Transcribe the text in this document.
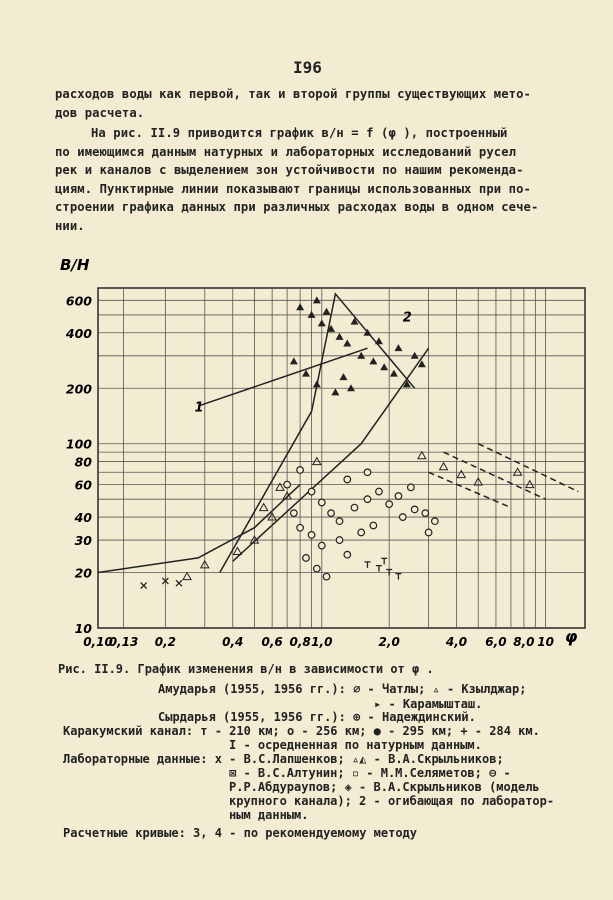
I96
расходов воды как первой, так и второй группы существующих мето-
дов расчета.
На рис. II.9 приводится график в/н = f (φ ), построенный
по имеющимся данным натурных и лабораторных исследований русел
рек и каналов с выделением зон устойчивости по нашим рекоменда-
циям. Пунктирные линии показывают границы использованных при по-
строении графика данных при различных расходах воды в одном сече-
нии.
В/Н
600
400
200
100
80
60
40
30
20
10
0,10
0,13 0,2	0,4 0,6 0,8 1,0	2,0	4,0 6,0 8,0 10 φ
1
2
Рис. II.9. График изменения в/н в зависимости от φ .
Амударья (1955, 1956 гг.): ⌀ - Чатлы; ▵ - Кзылджар;
▸ - Карамышташ.
Сырдарья (1955, 1956 гг.): ⊕ - Надеждинский.
Каракумский канал: т - 210 км; о - 256 км; ● - 295 км; + - 284 км.
I - осредненная по натурным данным.
Лабораторные данные: x - В.С.Лапшенков; ▵◭ - В.А.Скрыльников;
⊠ - В.С.Алтунин; ▫ - М.М.Селяметов; ⊖ -
Р.Р.Абдураупов; ◈ - В.А.Скрыльников (модель
крупного канала); 2 - огибающая по лаборатор-
ным данным.
Расчетные кривые: 3, 4 - по рекомендуемому методу
